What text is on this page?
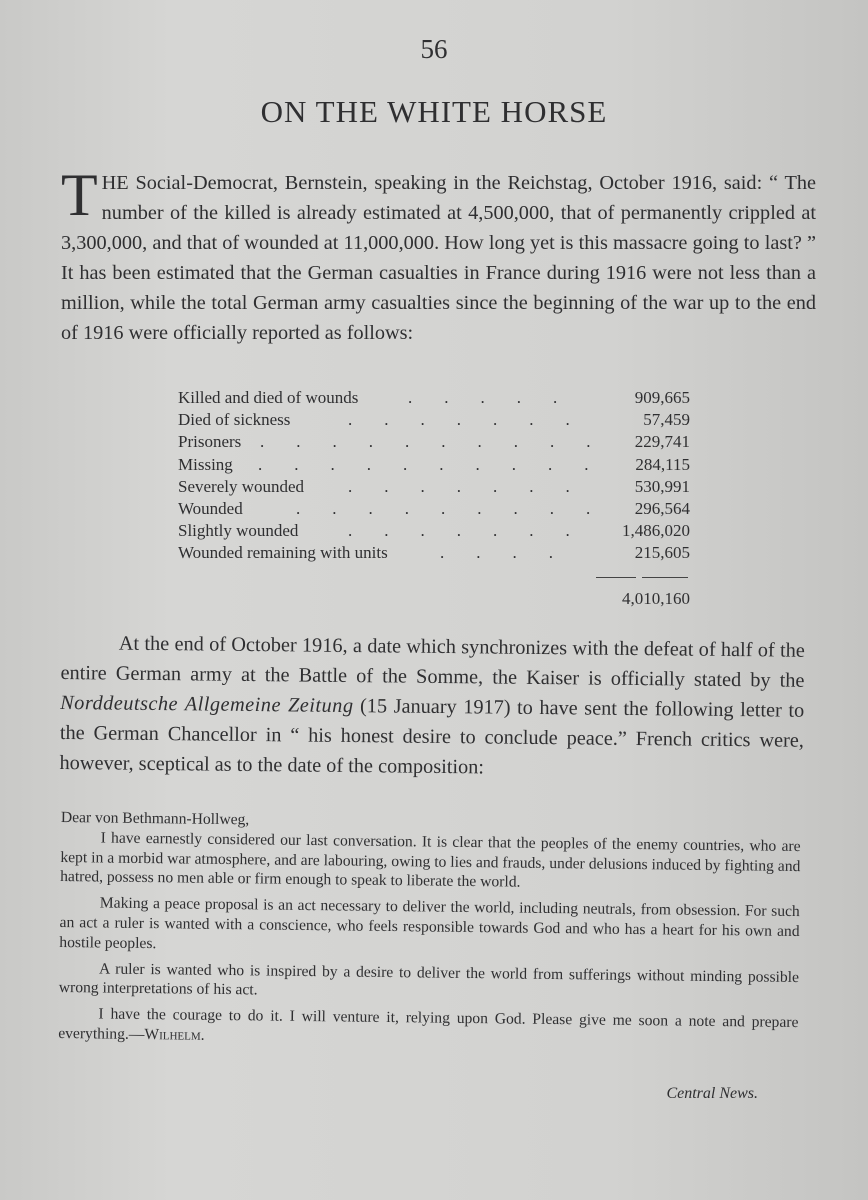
56
ON THE WHITE HORSE
THE Social-Democrat, Bernstein, speaking in the Reichstag, October 1916, said: “ The number of the killed is already estimated at 4,500,000, that of permanently crippled at 3,300,000, and that of wounded at 11,000,000. How long yet is this massacre going to last? ” It has been estimated that the German casualties in France during 1916 were not less than a million, while the total German army casualties since the beginning of the war up to the end of 1916 were officially reported as follows:
Killed and died of wounds	.....	909,665
Died of sickness	....... 57,459
Prisoners .......... 229,741
Missing .......... 284,115
Severely wounded	....... 530,991
Wounded	......... 296,564
Slightly wounded	....... 1,486,020
Wounded remaining with units	....	215,605
4,010,160
At the end of October 1916, a date which synchronizes with the defeat of half of the entire German army at the Battle of the Somme, the Kaiser is officially stated by the Norddeutsche Allgemeine Zeitung (15 January 1917) to have sent the following letter to the German Chancellor in “ his honest desire to conclude peace.” French critics were, however, sceptical as to the date of the composition:
Dear von Bethmann-Hollweg,

I have earnestly considered our last conversation. It is clear that the peoples of the enemy countries, who are kept in a morbid war atmosphere, and are labouring, owing to lies and frauds, under delusions induced by fighting and hatred, possess no men able or firm enough to speak to liberate the world.

Making a peace proposal is an act necessary to deliver the world, including neutrals, from obsession. For such an act a ruler is wanted with a conscience, who feels responsible towards God and who has a heart for his own and hostile peoples.

A ruler is wanted who is inspired by a desire to deliver the world from sufferings without minding possible wrong interpretations of his act.

I have the courage to do it. I will venture it, relying upon God. Please give me soon a note and prepare everything.—Wilhelm.

Central News.
